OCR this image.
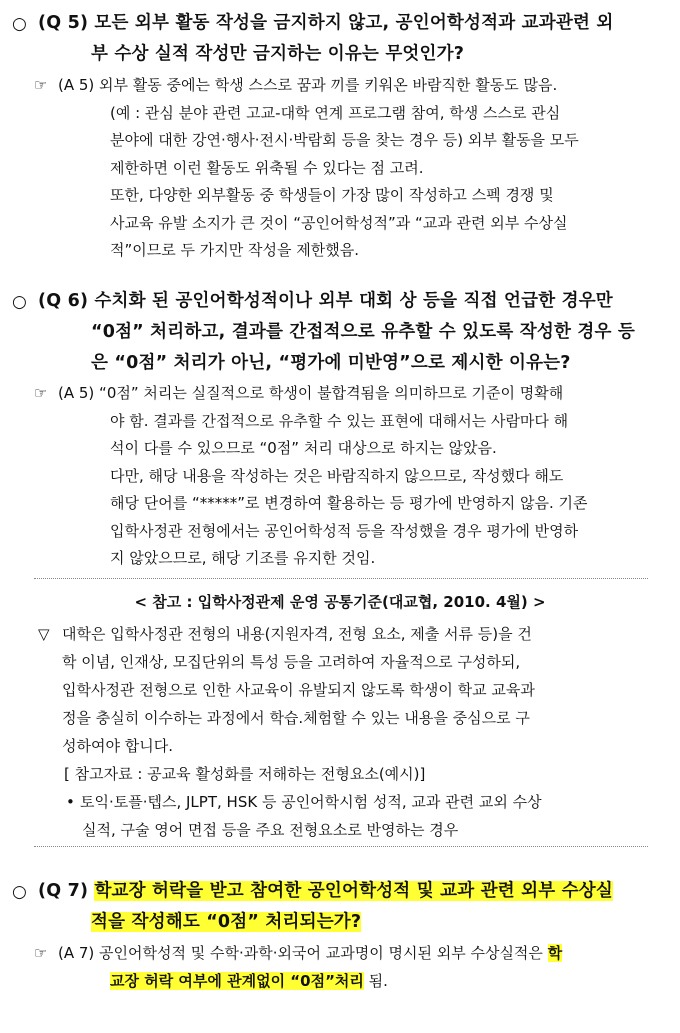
○ (Q 5) 모든 외부 활동 작성을 금지하지 않고, 공인어학성적과 교과관련 외
부 수상 실적 작성만 금지하는 이유는 무엇인가?
☞ (A 5) 외부 활동 중에는 학생 스스로 꿈과 끼를 키워온 바람직한 활동도 많음.
(예 : 관심 분야 관련 고교-대학 연계 프로그램 참여, 학생 스스로 관심
분야에 대한 강연·행사·전시·박람회 등을 찾는 경우 등) 외부 활동을 모두
제한하면 이런 활동도 위축될 수 있다는 점 고려.
또한, 다양한 외부활동 중 학생들이 가장 많이 작성하고 스펙 경쟁 및
사교육 유발 소지가 큰 것이 “공인어학성적”과 “교과 관련 외부 수상실
적”이므로 두 가지만 작성을 제한했음.
○ (Q 6) 수치화 된 공인어학성적이나 외부 대회 상 등을 직접 언급한 경우만
“0점” 처리하고, 결과를 간접적으로 유추할 수 있도록 작성한 경우 등
은 “0점” 처리가 아닌, “평가에 미반영”으로 제시한 이유는?
☞ (A 5) “0점” 처리는 실질적으로 학생이 불합격됨을 의미하므로 기준이 명확해
야 함. 결과를 간접적으로 유추할 수 있는 표현에 대해서는 사람마다 해
석이 다를 수 있으므로 “0점” 처리 대상으로 하지는 않았음.
다만, 해당 내용을 작성하는 것은 바람직하지 않으므로, 작성했다 해도
해당 단어를 “*****”로 변경하여 활용하는 등 평가에 반영하지 않음. 기존
입학사정관 전형에서는 공인어학성적 등을 작성했을 경우 평가에 반영하
지 않았으므로, 해당 기조를 유지한 것임.
< 참고 : 입학사정관제 운영 공통기준(대교협, 2010. 4월) >
▽ 대학은 입학사정관 전형의 내용(지원자격, 전형 요소, 제출 서류 등)을 건
학 이념, 인재상, 모집단위의 특성 등을 고려하여 자율적으로 구성하되,
입학사정관 전형으로 인한 사교육이 유발되지 않도록 학생이 학교 교육과
정을 충실히 이수하는 과정에서 학습.체험할 수 있는 내용을 중심으로 구
성하여야 합니다.
[ 참고자료 : 공교육 활성화를 저해하는 전형요소(예시)]
• 토익·토플·텝스, JLPT, HSK 등 공인어학시험 성적, 교과 관련 교외 수상
실적, 구술 영어 면접 등을 주요 전형요소로 반영하는 경우
○ (Q 7) 학교장 허락을 받고 참여한 공인어학성적 및 교과 관련 외부 수상실
적을 작성해도 “0점” 처리되는가?
☞ (A 7) 공인어학성적 및 수학·과학·외국어 교과명이 명시된 외부 수상실적은 학
교장 허락 여부에 관계없이 “0점”처리 됨.
